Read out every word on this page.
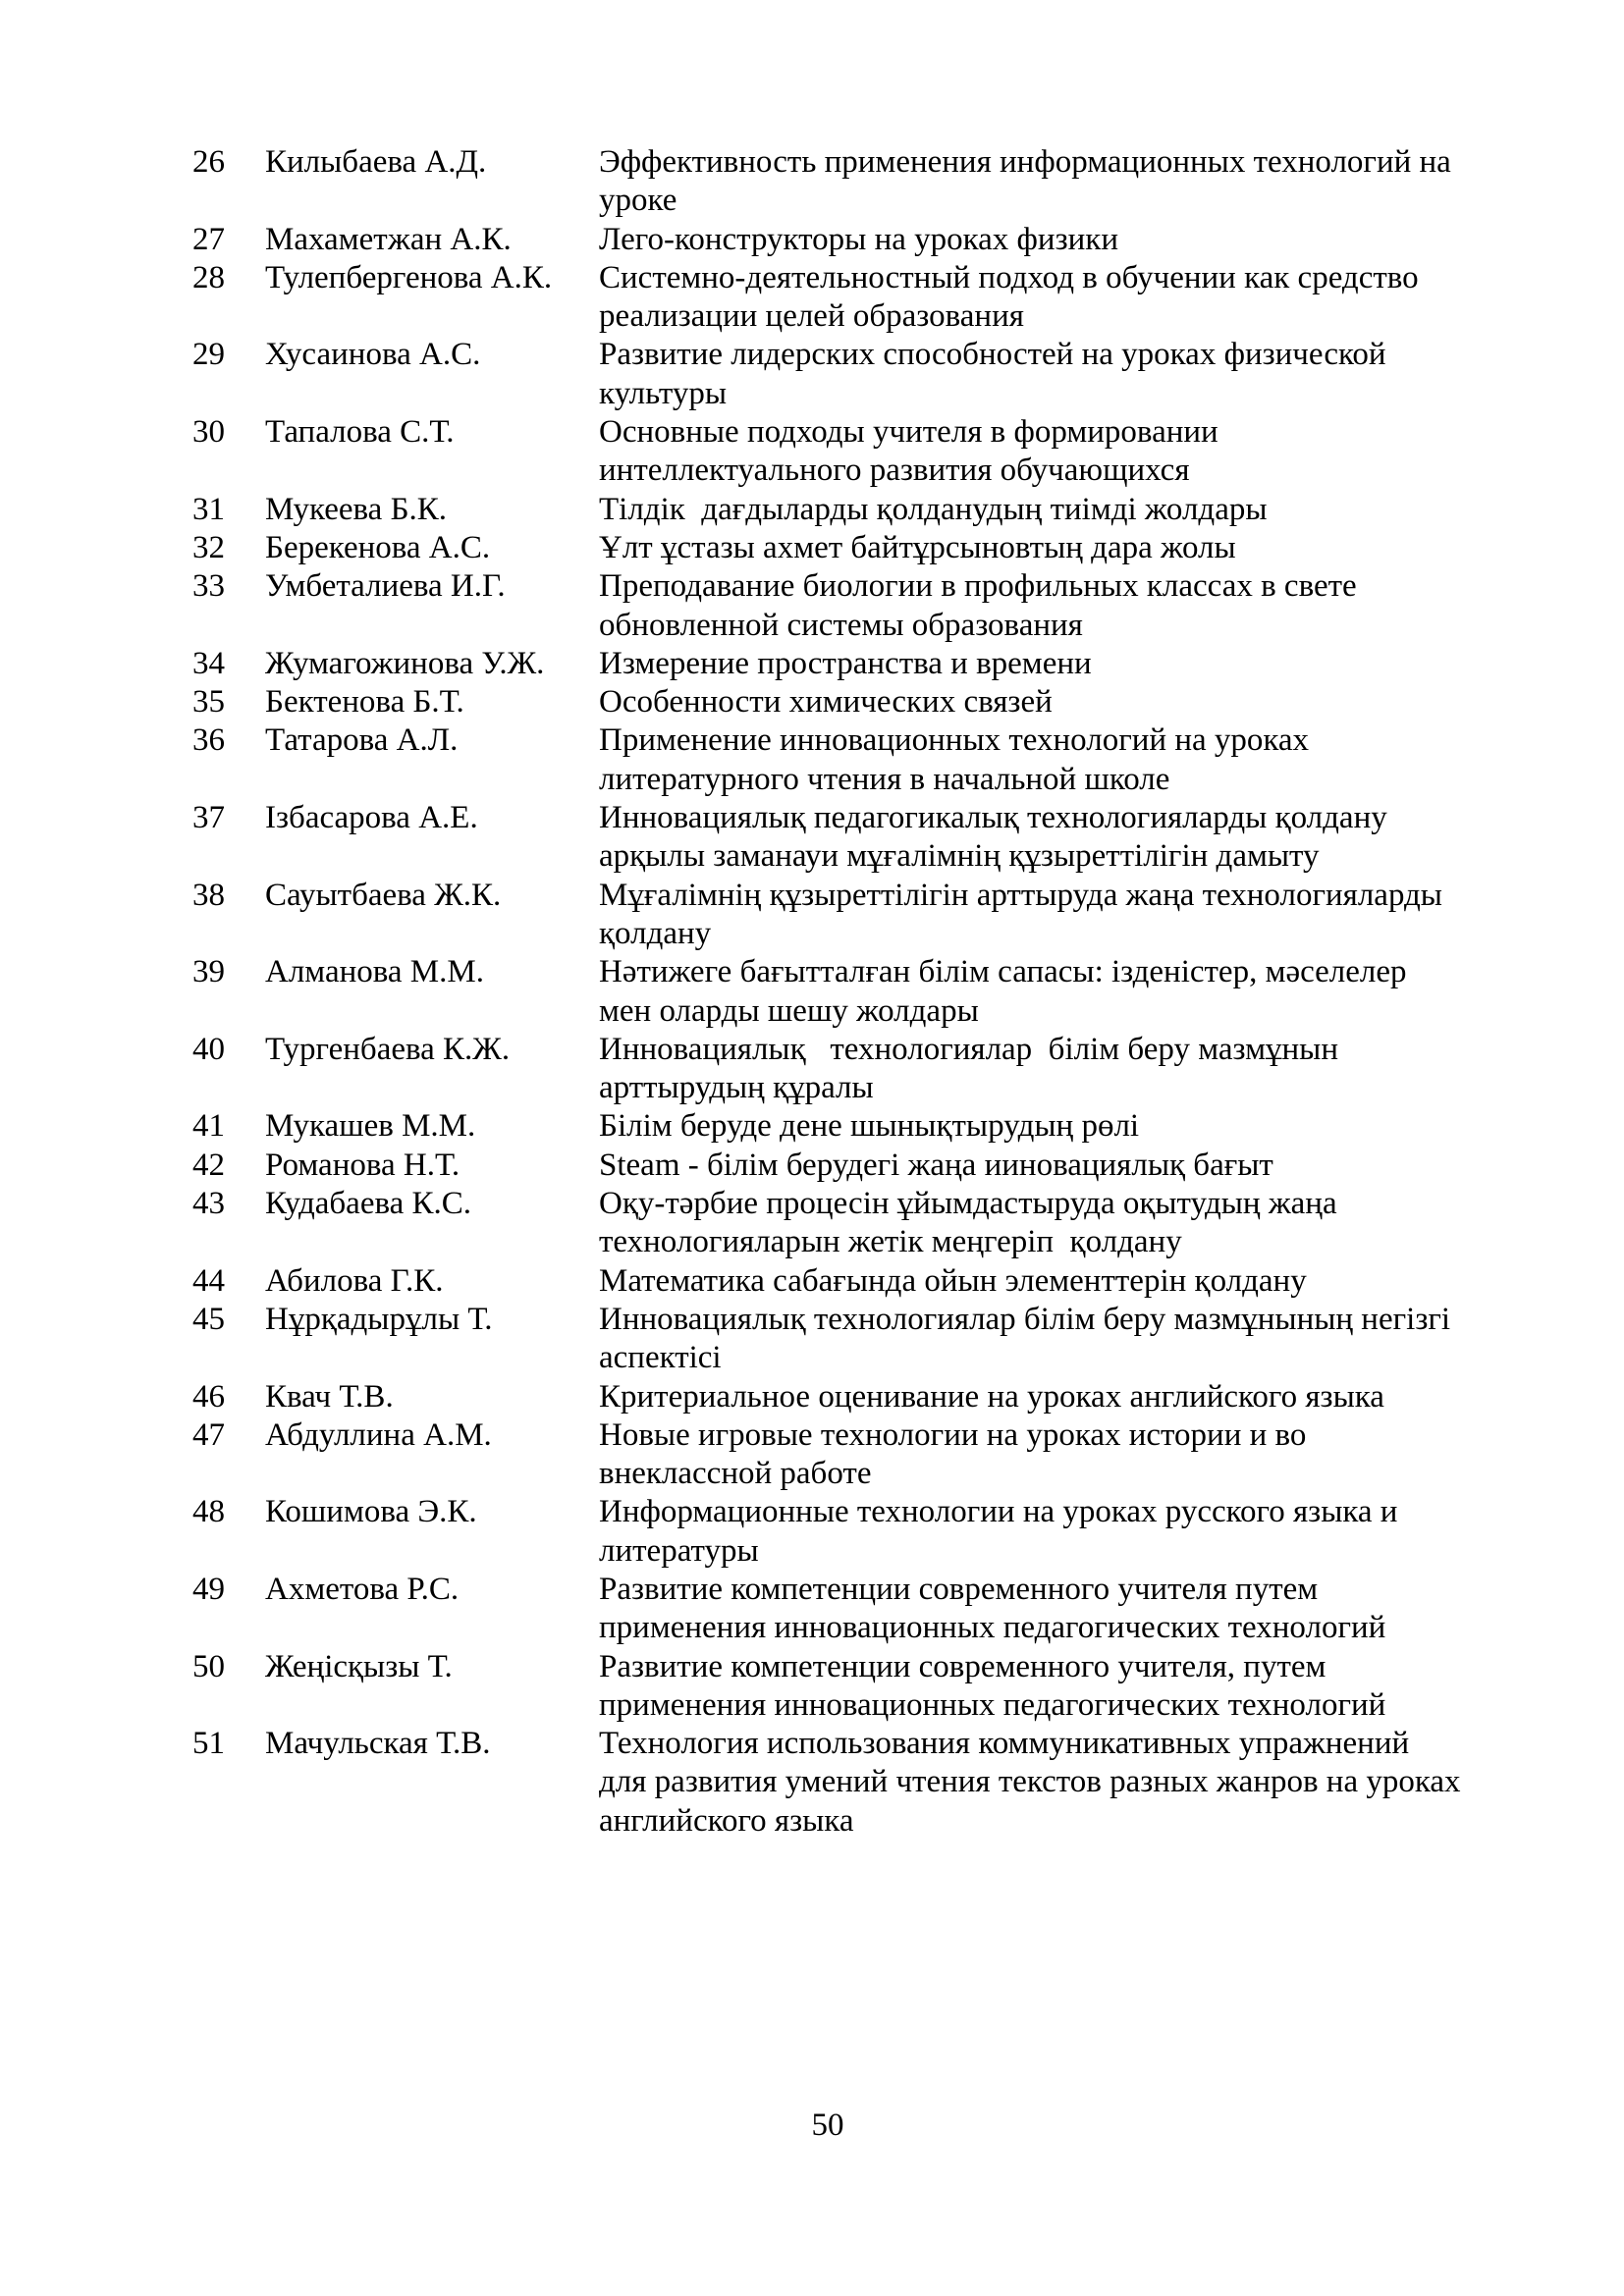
26	Килыбаева А.Д.	Эффективность применения информационных технологий на уроке
27	Махаметжан А.К.	Лего-конструкторы на уроках физики
28	Тулепбергенова А.К.	Системно-деятельностный подход в обучении как средство реализации целей образования
29	Хусаинова А.С.	Развитие лидерских способностей на уроках физической культуры
30	Тапалова С.Т.	Основные подходы учителя в формировании интеллектуального развития обучающихся
31	Мукеева Б.К.	Тілдік  дағдыларды қолданудың тиімді жолдары
32	Берекенова А.С.	Ұлт ұстазы ахмет байтұрсыновтың дара жолы
33	Умбеталиева И.Г.	Преподавание биологии в профильных классах в свете обновленной системы образования
34	Жумагожинова У.Ж.	Измерение пространства и времени
35	Бектенова Б.Т.	Особенности химических связей
36	Татарова А.Л.	Применение инновационных технологий на уроках литературного чтения в начальной школе
37	Ізбасарова А.Е.	Инновациялық педагогикалық технологияларды қолдану арқылы заманауи мұғалімнің құзыреттілігін дамыту
38	Сауытбаева Ж.К.	Мұғалімнің құзыреттілігін арттыруда жаңа технологияларды қолдану
39	Алманова М.М.	Нәтижеге бағытталған білім сапасы: ізденістер, мәселелер мен оларды шешу жолдары
40	Тургенбаева К.Ж.	Инновациялық   технологиялар  білім беру мазмұнын арттырудың құралы
41	Мукашев М.М.	Білім беруде дене шынықтырудың рөлі
42	Романова Н.Т.	Steam - білім берудегі жаңа ииновациялық бағыт
43	Кудабаева К.С.	Оқу-тәрбие процесін ұйымдастыруда оқытудың жаңа технологияларын жетік меңгеріп  қолдану
44	Абилова Г.К.	Математика сабағында ойын элементтерін қолдану
45	Нұрқадырұлы Т.	Инновациялық технологиялар білім беру мазмұнының негізгі аспектісі
46	Квач Т.В.	Критериальное оценивание на уроках английского языка
47	Абдуллина А.М.	Новые игровые технологии на уроках истории и во внеклассной работе
48	Кошимова Э.К.	Информационные технологии на уроках русского языка и литературы
49	Ахметова Р.С.	Развитие компетенции современного учителя путем применения инновационных педагогических технологий
50	Жеңісқызы Т.	Развитие компетенции современного учителя, путем применения инновационных педагогических технологий
51	Мачульская Т.В.	Технология использования коммуникативных упражнений для развития умений чтения текстов разных жанров на уроках английского языка
50
